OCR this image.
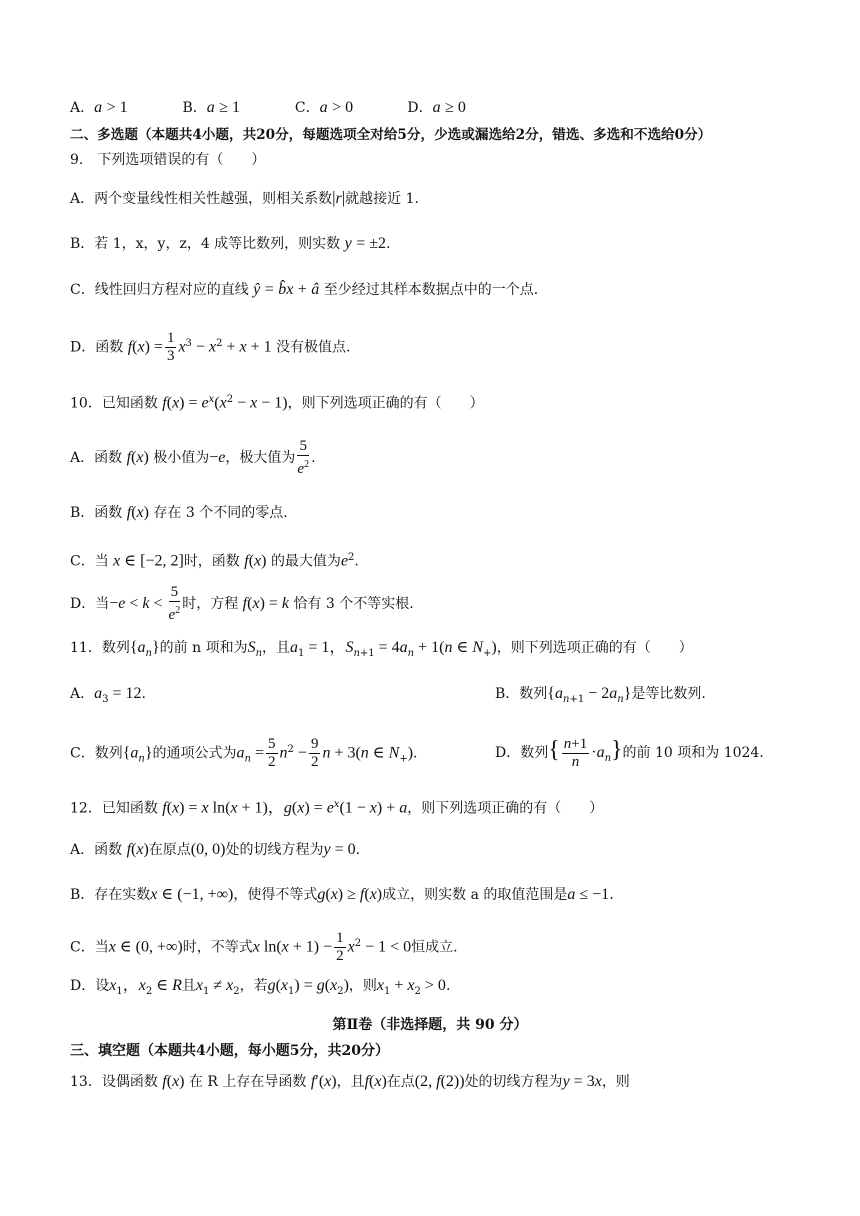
A．a > 1	B．a ≥ 1	C．a > 0	D．a ≥ 0
二、多选题（本题共4小题，共20分，每题选项全对给5分，少选或漏选给2分，错选、多选和不选给0分）
9.　下列选项错误的有（　　）
A．两个变量线性相关性越强，则相关系数|r|就越接近 1.
B．若 1，x，y，z，4 成等比数列，则实数 y = ±2.
C．线性回归方程对应的直线 ŷ = b̂x + â 至少经过其样本数据点中的一个点.
D．函数 $f(x) = \frac{1}{3} x^3 - x^2 + x + 1$ 没有极值点.
10．已知函数 $f(x) = e^x(x^2 - x - 1)$，则下列选项正确的有（　　）
A．函数 f(x) 极小值为−e，极大值为 $\frac{5}{e^2}$ .
B．函数 f(x) 存在 3 个不同的零点.
C．当 x ∈ [−2, 2]时，函数 f(x) 的最大值为$e^2$.
D．当$-e < k < \frac{5}{e^2}$ 时，方程 f(x) = k 恰有 3 个不等实根.
11．数列$\{a_n\}$的前 n 项和为$S_n$，且$a_1 = 1$，$S_{n+1} = 4a_n + 1(n$ ∈ $N_+$)，则下列选项正确的有（　　）
A．$a_3 = 12$.	B．数列$\{a_{n+1} - 2a_n\}$是等比数列.
C．数列$\{a_n\}$的通项公式为$a_n = \frac{5}{2} n^2 - \frac{9}{2}$ n + 3(n ∈ $N_+$).	D．数列{ $\frac{n+1}{n} \cdot a_n$}的前 10 项和为 1024.
12．已知函数 f(x) = x ln(x + 1)，$g(x) = e^x(1 - x) + a$，则下列选项正确的有（　　）
A．函数 f(x)在原点(0, 0)处的切线方程为y = 0.
B．存在实数x ∈ (−1, +∞)，使得不等式g(x) ≥ f(x)成立，则实数 a 的取值范围是a ≤ −1.
C．当x ∈ (0, +∞)时，不等式x $\ln(x + 1) - \frac{1}{2} x^2 - 1 < 0$恒成立.
D．设$x_1$，$x_2$ ∈ R且$x_1 \ne x_2$，若$g(x_1) = g(x_2)$，则$x_1 + x_2 > 0$.
第Ⅱ卷（非选择题，共 90 分）
三、填空题（本题共4小题，每小题5分，共20分）
13．设偶函数 f(x) 在 R 上存在导函数 f′(x)，且f(x)在点(2, f(2))处的切线方程为y = 3x，则
